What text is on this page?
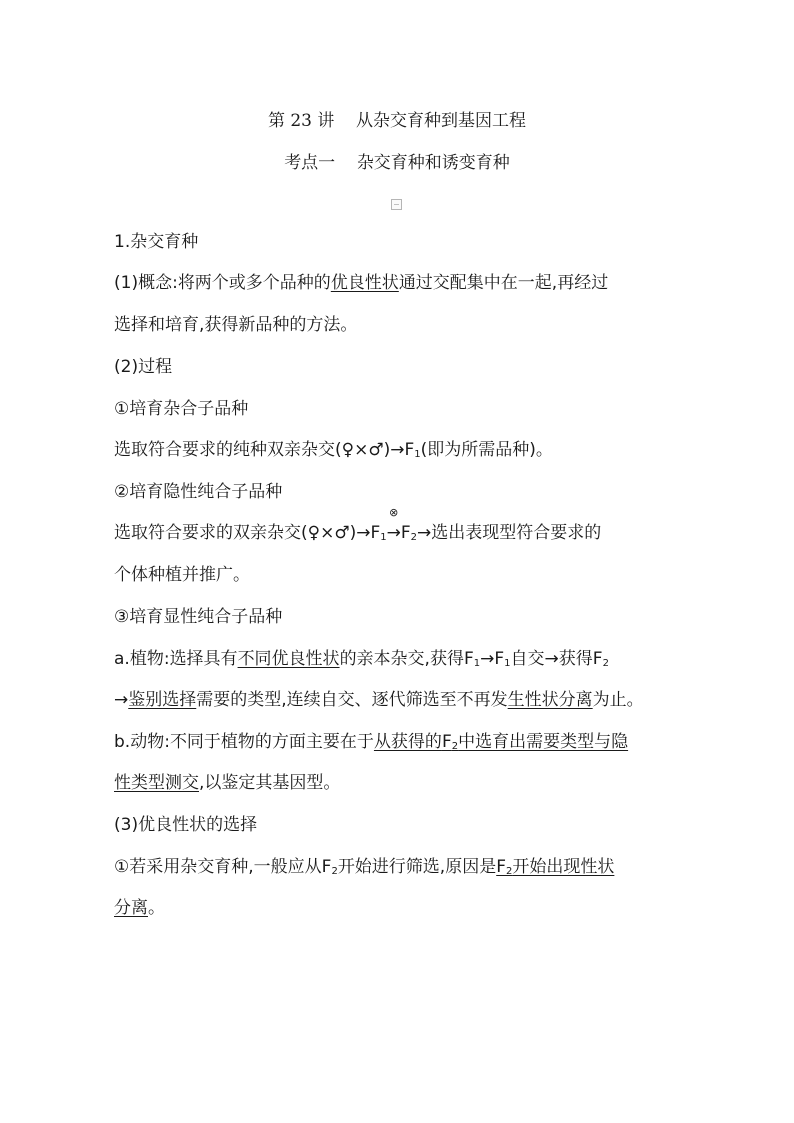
第 23 讲 从杂交育种到基因工程
考点一 杂交育种和诱变育种
1.杂交育种
(1)概念:将两个或多个品种的优良性状通过交配集中在一起,再经过
选择和培育,获得新品种的方法。
(2)过程
①培育杂合子品种
选取符合要求的纯种双亲杂交$(♀\times♂)\to F_1$(即为所需品种)。
②培育隐性纯合子品种
选取符合要求的双亲杂交$(♀\times♂)\to F_1$
⊗
$\to F_2\to$选出表现型符合要求的
个体种植并推广。
③培育显性纯合子品种
a.植物:选择具有不同优良性状的亲本杂交,获得$F_1\to F_1$自交→获得$F_2$
→鉴别选择需要的类型,连续自交、逐代筛选至不再发生性状分离为止。
b.动物:不同于植物的方面主要在于从获得的$F_2$中选育出需要类型与隐
性类型测交,以鉴定其基因型。
(3)优良性状的选择
①若采用杂交育种,一般应从$F_2$开始进行筛选,原因是$F_2$开始出现性状
分离。
